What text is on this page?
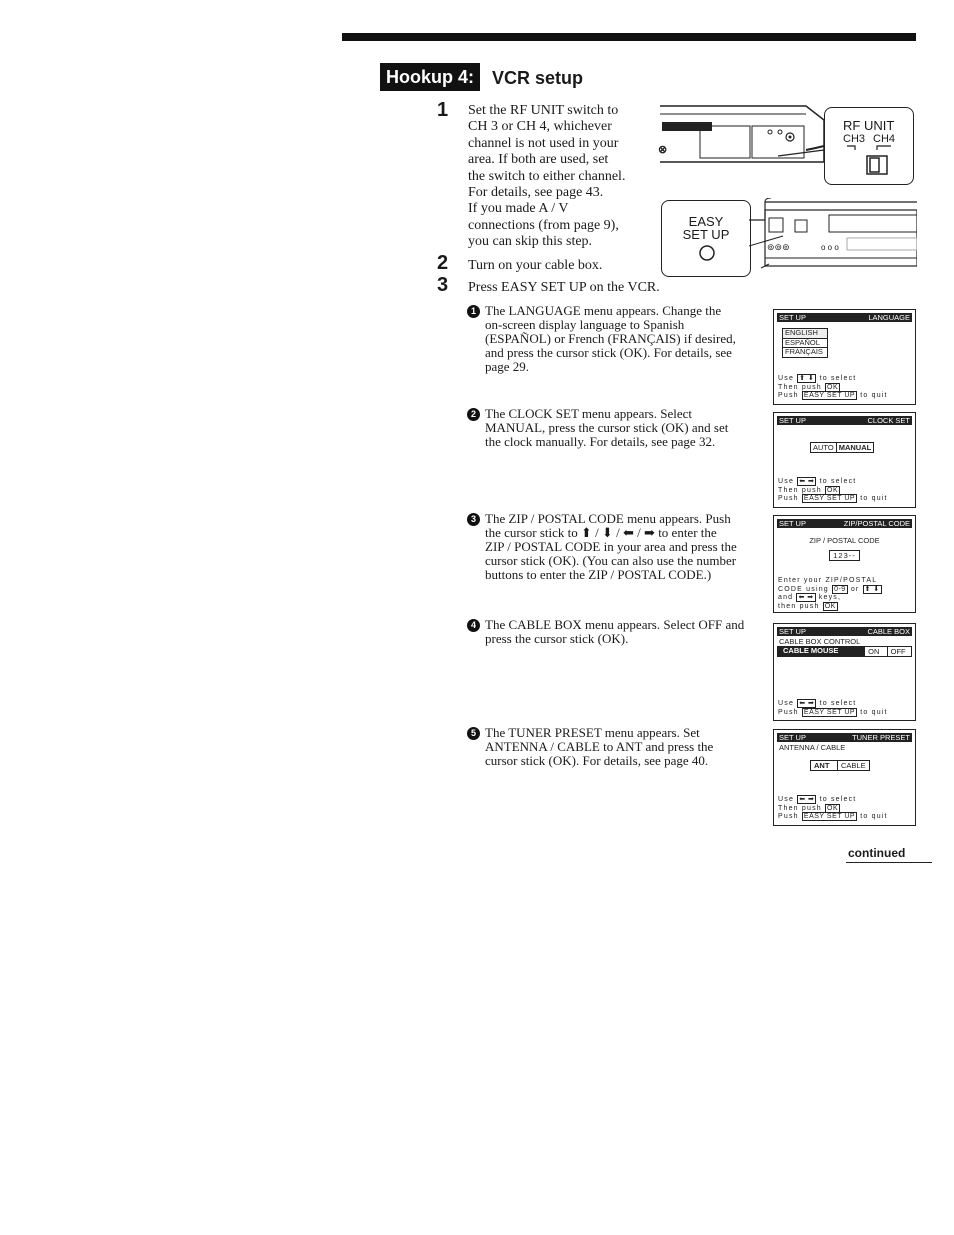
Hookup 4:	VCR setup
1 Set the RF UNIT switch to
CH 3 or CH 4, whichever
channel is not used in your
area. If both are used, set
the switch to either channel.
For details, see page 43.
If you made A / V
connections (from page 9),
you can skip this step.
2 Turn on your cable box.
3 Press EASY SET UP on the VCR.
⊗
RF UNIT
CH3 CH4
EASY
SET UP
⊚⊚⊚	o o o
1 The LANGUAGE menu appears. Change the
on-screen display language to Spanish
(ESPAÑOL) or French (FRANÇAIS) if desired,
and press the cursor stick (OK). For details, see
page 29.
2 The CLOCK SET menu appears. Select
MANUAL, press the cursor stick (OK) and set
the clock manually. For details, see page 32.
3 The ZIP / POSTAL CODE menu appears. Push
the cursor stick to ⬆ / ⬇ / ⬅ / ➡ to enter the
ZIP / POSTAL CODE in your area and press the
cursor stick (OK). (You can also use the number
buttons to enter the ZIP / POSTAL CODE.)
4 The CABLE BOX menu appears. Select OFF and
press the cursor stick (OK).
5 The TUNER PRESET menu appears. Set
ANTENNA / CABLE to ANT and press the
cursor stick (OK). For details, see page 40.
SET UP	LANGUAGE
ENGLISH
ESPAÑOL
FRANÇAIS
Use ⬆ ⬇ to select
Then push OK
Push EASY SET UP to quit
SET UP	CLOCK SET
AUTO MANUAL
Use ⬅ ➡ to select
Then push OK
Push EASY SET UP to quit
SET UP	ZIP/POSTAL CODE
ZIP / POSTAL CODE
123--
Enter your ZIP/POSTAL
CODE using 0-9 or ⬆ ⬇
and ⬅ ➡ keys,
then push OK
SET UP	CABLE BOX
CABLE BOX CONTROL
CABLE MOUSE	ON	OFF
Use ⬅ ➡ to select
Push EASY SET UP to quit
SET UP	TUNER PRESET
ANTENNA / CABLE
ANT	CABLE
Use ⬅ ➡ to select
Then push OK
Push EASY SET UP to quit
continued
